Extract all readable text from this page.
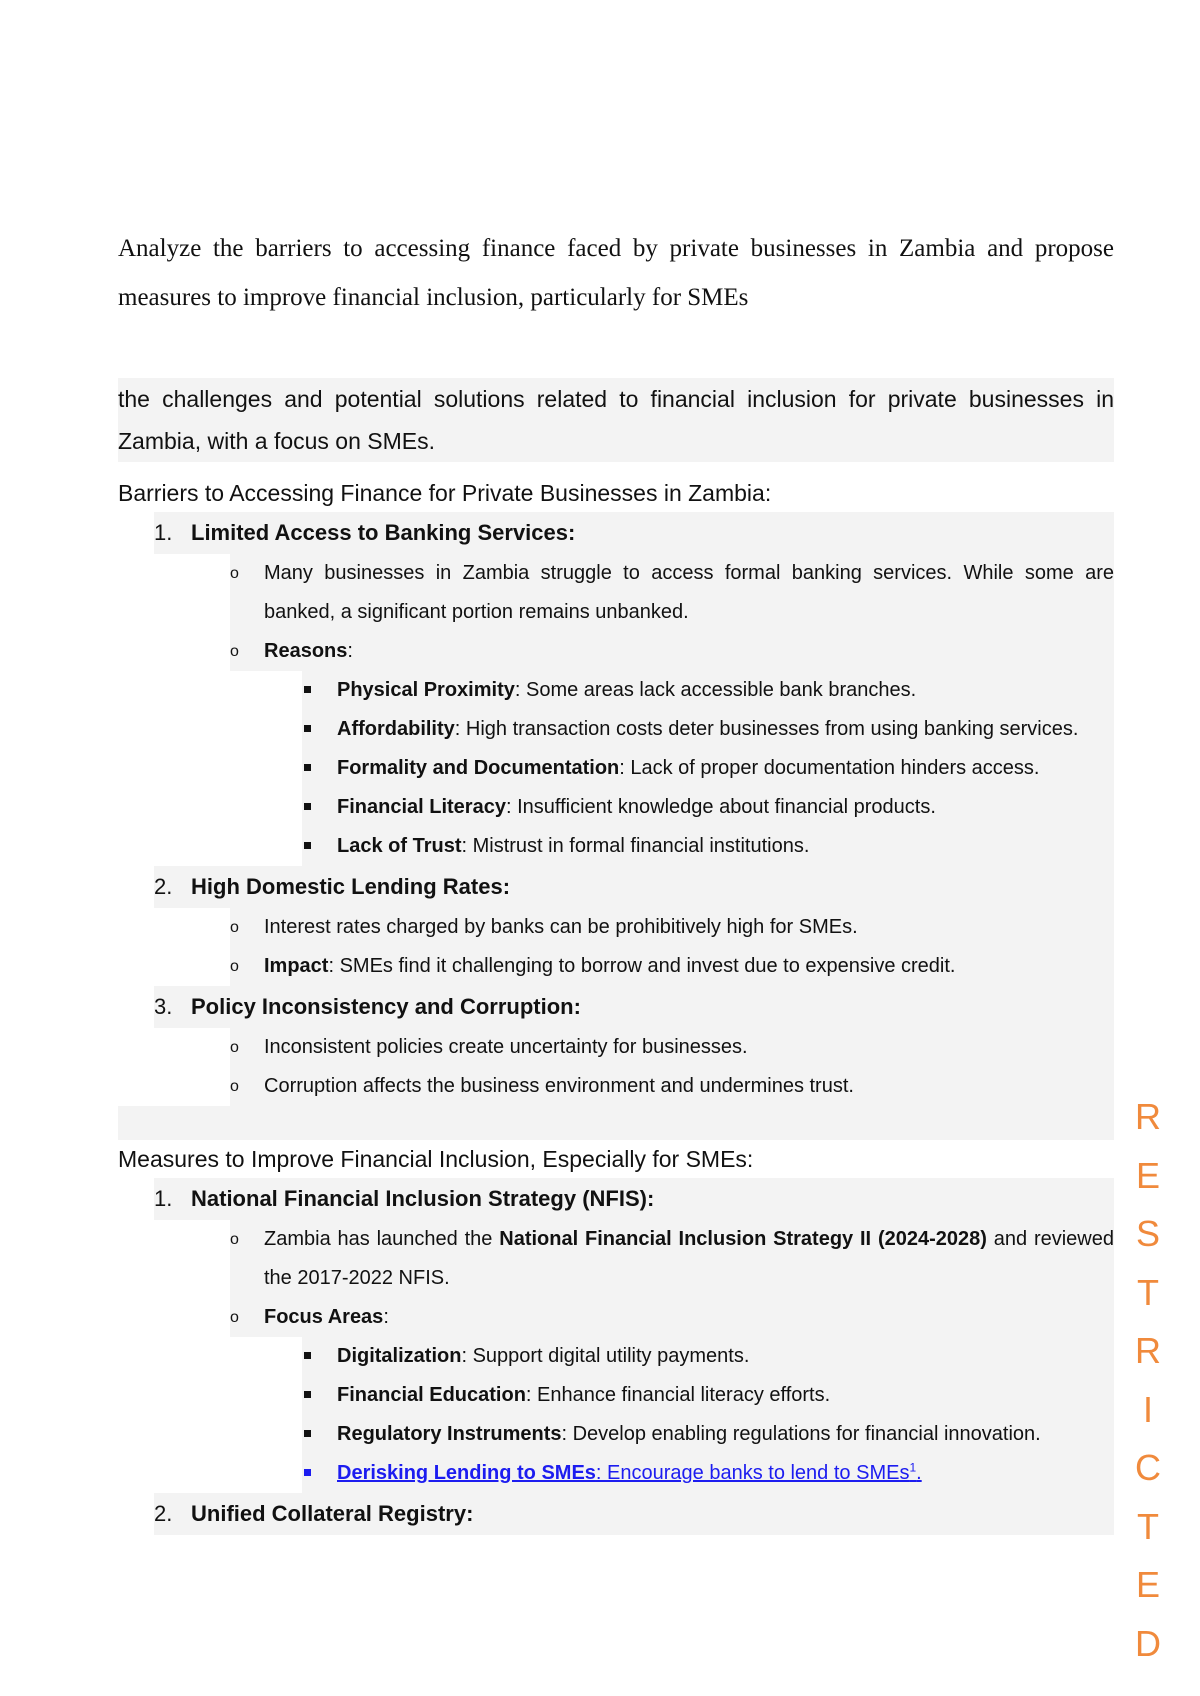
Analyze the barriers to accessing finance faced by private businesses in Zambia and propose measures to improve financial inclusion, particularly for SMEs

the challenges and potential solutions related to financial inclusion for private businesses in Zambia, with a focus on SMEs.

Barriers to Accessing Finance for Private Businesses in Zambia:
1. Limited Access to Banking Services:
o Many businesses in Zambia struggle to access formal banking services. While some are banked, a significant portion remains unbanked.
o Reasons:
Physical Proximity: Some areas lack accessible bank branches.
Affordability: High transaction costs deter businesses from using banking services.
Formality and Documentation: Lack of proper documentation hinders access.
Financial Literacy: Insufficient knowledge about financial products.
Lack of Trust: Mistrust in formal financial institutions.
2. High Domestic Lending Rates:
o Interest rates charged by banks can be prohibitively high for SMEs.
o Impact: SMEs find it challenging to borrow and invest due to expensive credit.
3. Policy Inconsistency and Corruption:
o Inconsistent policies create uncertainty for businesses.
o Corruption affects the business environment and undermines trust.
Measures to Improve Financial Inclusion, Especially for SMEs:
1. National Financial Inclusion Strategy (NFIS):
o Zambia has launched the National Financial Inclusion Strategy II (2024-2028) and reviewed the 2017-2022 NFIS.
o Focus Areas:
Digitalization: Support digital utility payments.
Financial Education: Enhance financial literacy efforts.
Regulatory Instruments: Develop enabling regulations for financial innovation.
Derisking Lending to SMEs: Encourage banks to lend to SMEs$^1$.
2. Unified Collateral Registry:
R
E
S
T
R
I
C
T
E
D
